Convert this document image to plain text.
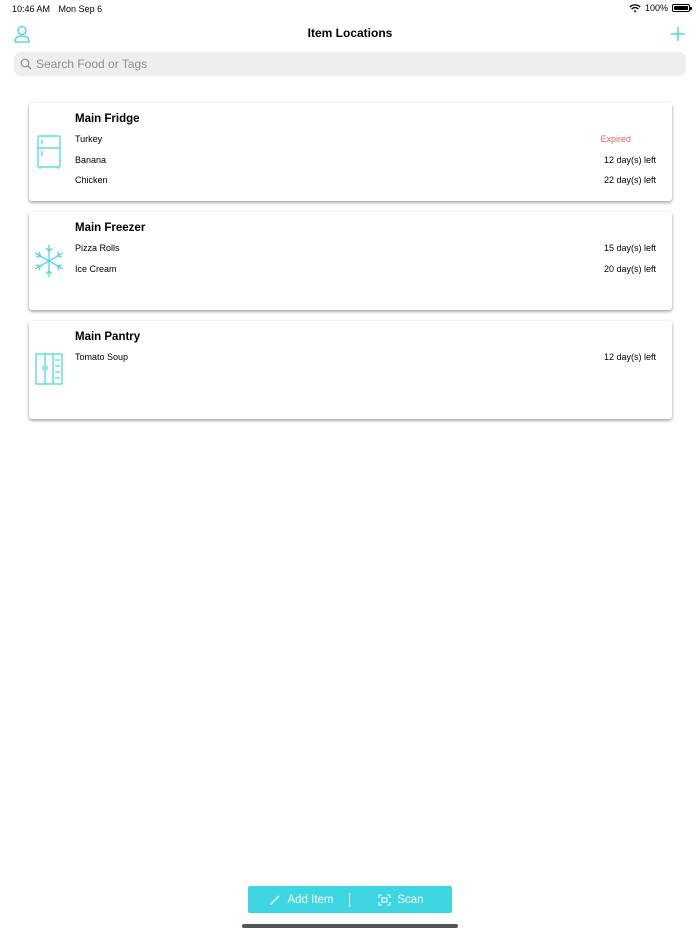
10:46 AM Mon Sep 6	100%
Item Locations
Search Food or Tags
Main Fridge
Turkey	Expired
Banana	12 day(s) left
Chicken	22 day(s) left
Main Freezer
Pizza Rolls	15 day(s) left
Ice Cream	20 day(s) left
Main Pantry
Tomato Soup	12 day(s) left
Add Item	Scan
